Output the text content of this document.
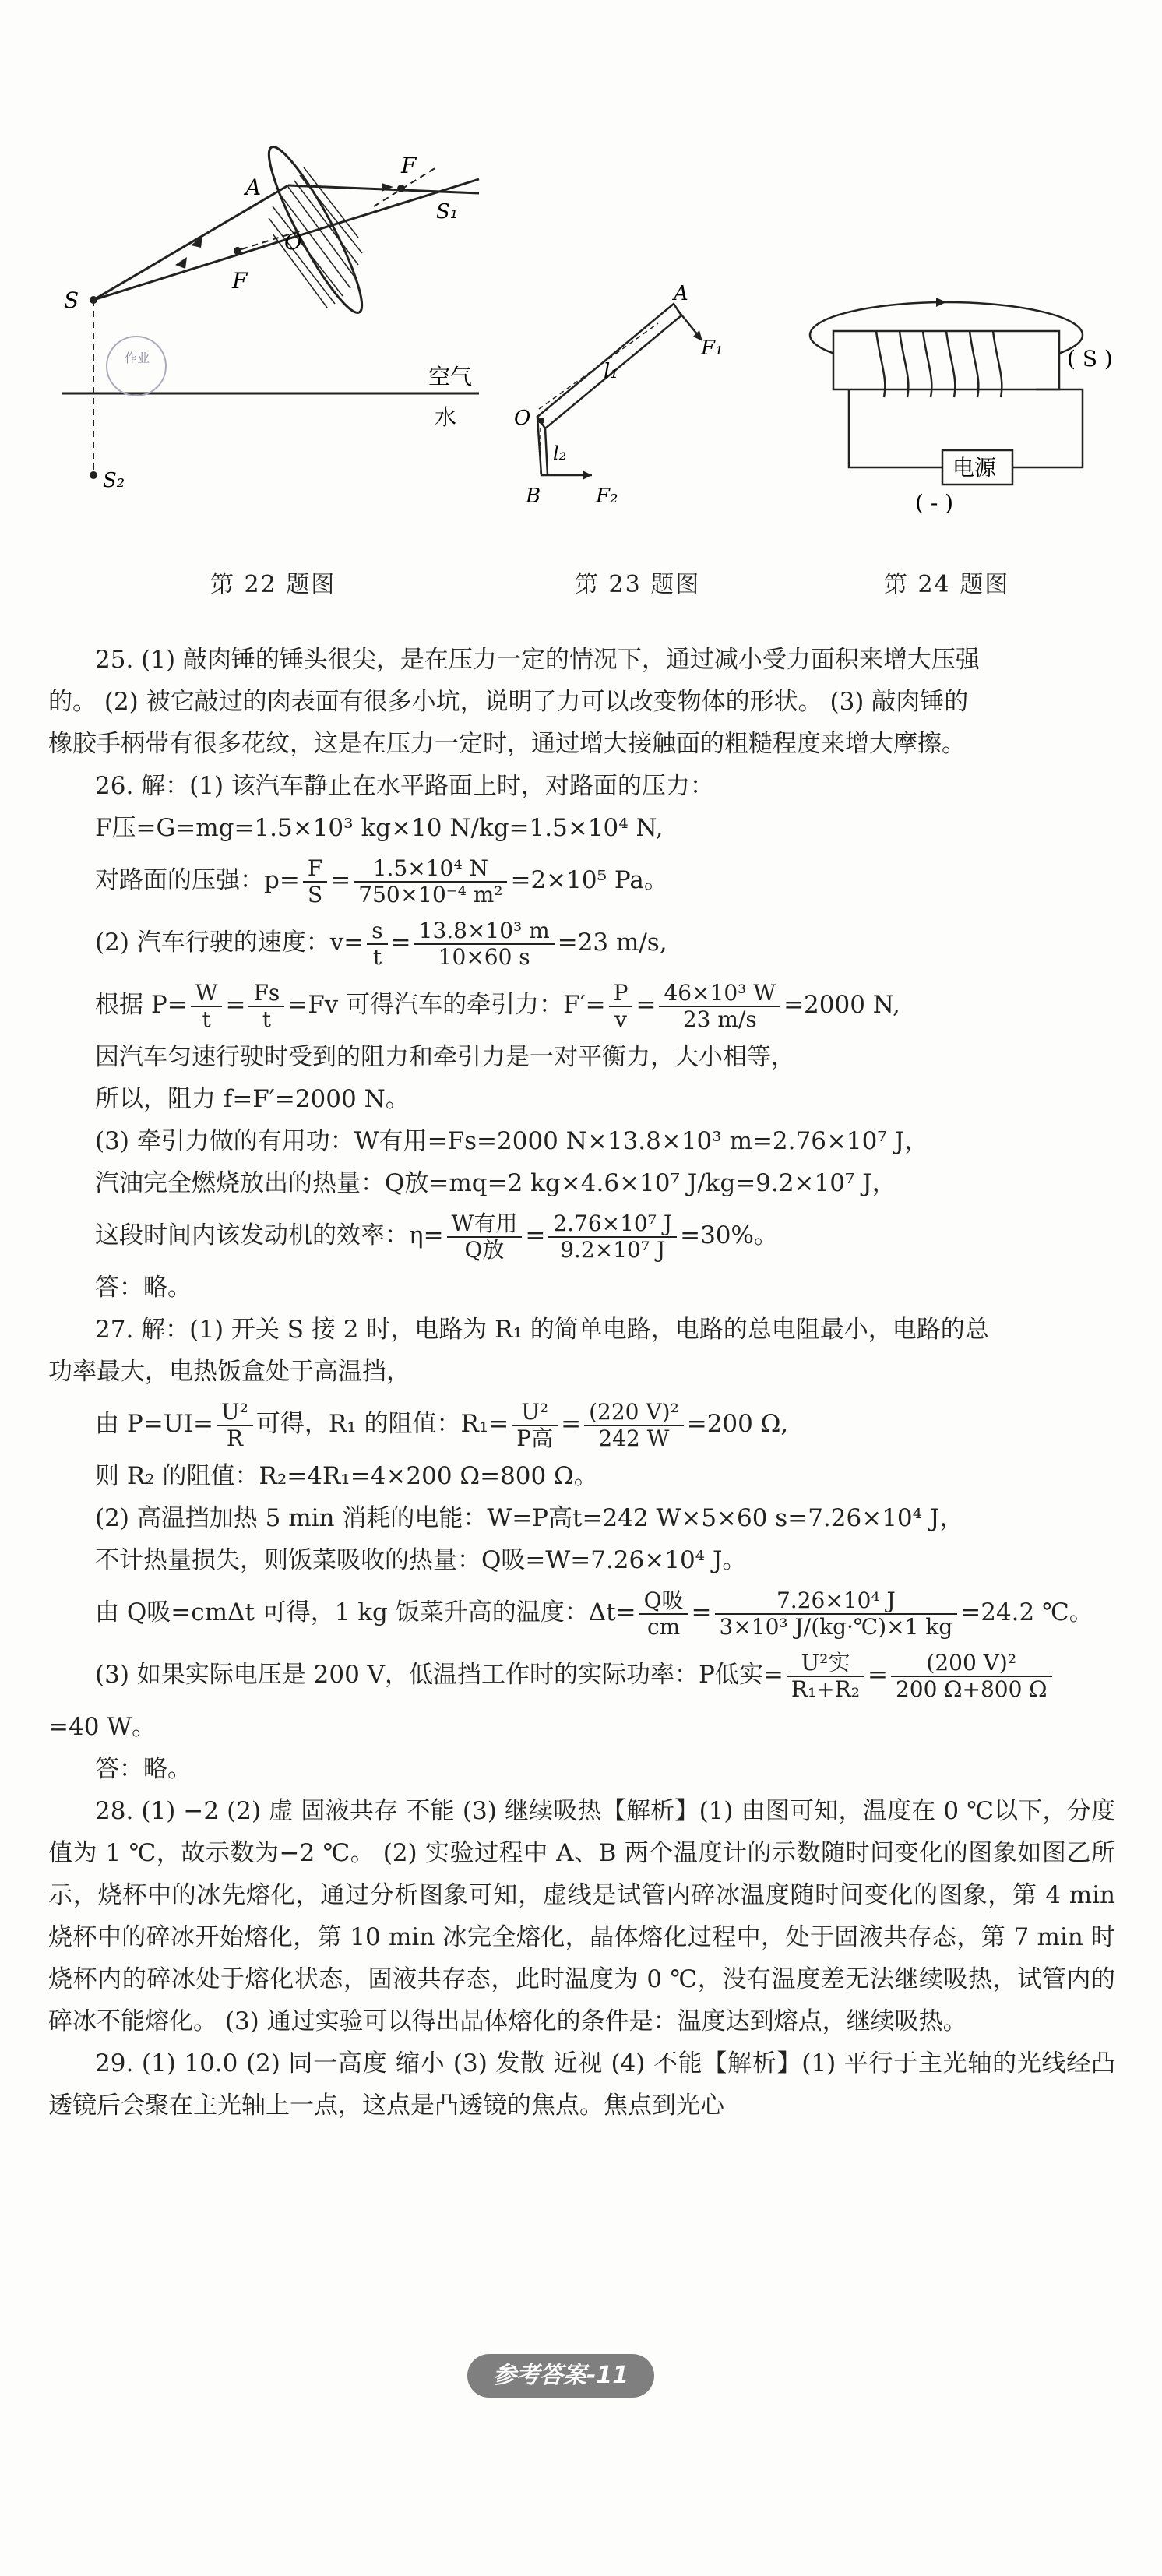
作业
A
F
S₁
O
F
S
S₂
空气
水
第 22 题图
A
F₁
l₁
O
l₂
B	F₂
第 23 题图
电源
( S )
( - )
第 24 题图

25. (1) 敲肉锤的锤头很尖，是在压力一定的情况下，通过减小受力面积来增大压强

的。 (2) 被它敲过的肉表面有很多小坑，说明了力可以改变物体的形状。 (3) 敲肉锤的

橡胶手柄带有很多花纹，这是在压力一定时，通过增大接触面的粗糙程度来增大摩擦。

26. 解：(1) 该汽车静止在水平路面上时，对路面的压力：

F压=G=mg=1.5×10³ kg×10 N/kg=1.5×10⁴ N,

对路面的压强：$p= \frac{F}{S} = \frac{\text{1.5×10⁴ N}}{\text{750×10⁻⁴ m²}} =2\times 10^5$ Pa。

(2) 汽车行驶的速度：$v= \frac{s}{t} = \frac{\text{13.8×10³ m}}{10\times 60 s} =23$ m/s,

根据 $P= \frac{W}{t} = \frac{Fs}{t} =Fv$ 可得汽车的牵引力：$F'= \frac{P}{v} = \frac{\text{46×10³ W}}{23 m/s} =2000$ N,

因汽车匀速行驶时受到的阻力和牵引力是一对平衡力，大小相等，

所以，阻力 f=F′=2000 N。

(3) 牵引力做的有用功：W有用=Fs=2000 N×13.8×10³ m=2.76×10⁷ J，

汽油完全燃烧放出的热量：Q放=mq=2 kg×4.6×10⁷ J/kg=9.2×10⁷ J，

这段时间内该发动机的效率：$\eta= \frac{\text{W有用}}{\text{Q放}} = \frac{\text{2.76×10⁷ J}}{\text{9.2×10⁷ J}} =30\%$。

答：略。

27. 解：(1) 开关 S 接 2 时，电路为 R₁ 的简单电路，电路的总电阻最小，电路的总

功率最大，电热饭盒处于高温挡，

由 $P=UI= \frac{\text{U²}}{R}$ 可得，R₁ 的阻值：$R_1= \frac{\text{U²}}{\text{P高}} = \frac{\text{(220 V)²}}{242 W} =200$ Ω,

则 R₂ 的阻值：R₂=4R₁=4×200 Ω=800 Ω。

(2) 高温挡加热 5 min 消耗的电能：W=P高t=242 W×5×60 s=7.26×10⁴ J，

不计热量损失，则饭菜吸收的热量：Q吸=W=7.26×10⁴ J。

由 Q吸=cmΔt 可得，1 kg 饭菜升高的温度：$\Delta t= \frac{\text{Q吸}}{cm} = \frac{\text{7.26×10⁴ J}}{\text{3×10³ J/(kg·℃)×1 kg}} =24.2$ ℃。

(3) 如果实际电压是 200 V，低温挡工作时的实际功率：P低实= $\frac{\text{U²实}}{\text{R₁+R₂}} = \frac{\text{(200 V)²}}{200 \Omega+800 \Omega}$

=40 W。

答：略。

28. (1) −2 (2) 虚 固液共存 不能 (3) 继续吸热【解析】(1) 由图可知，温度在 0 ℃以下，分度值为 1 ℃，故示数为−2 ℃。 (2) 实验过程中 A、B 两个温度计的示数随时间变化的图象如图乙所示，烧杯中的冰先熔化，通过分析图象可知，虚线是试管内碎冰温度随时间变化的图象，第 4 min 烧杯中的碎冰开始熔化，第 10 min 冰完全熔化，晶体熔化过程中，处于固液共存态，第 7 min 时烧杯内的碎冰处于熔化状态，固液共存态，此时温度为 0 ℃，没有温度差无法继续吸热，试管内的碎冰不能熔化。 (3) 通过实验可以得出晶体熔化的条件是：温度达到熔点，继续吸热。

29. (1) 10.0 (2) 同一高度 缩小 (3) 发散 近视 (4) 不能【解析】(1) 平行于主光轴的光线经凸透镜后会聚在主光轴上一点，这点是凸透镜的焦点。焦点到光心

参考答案-11
